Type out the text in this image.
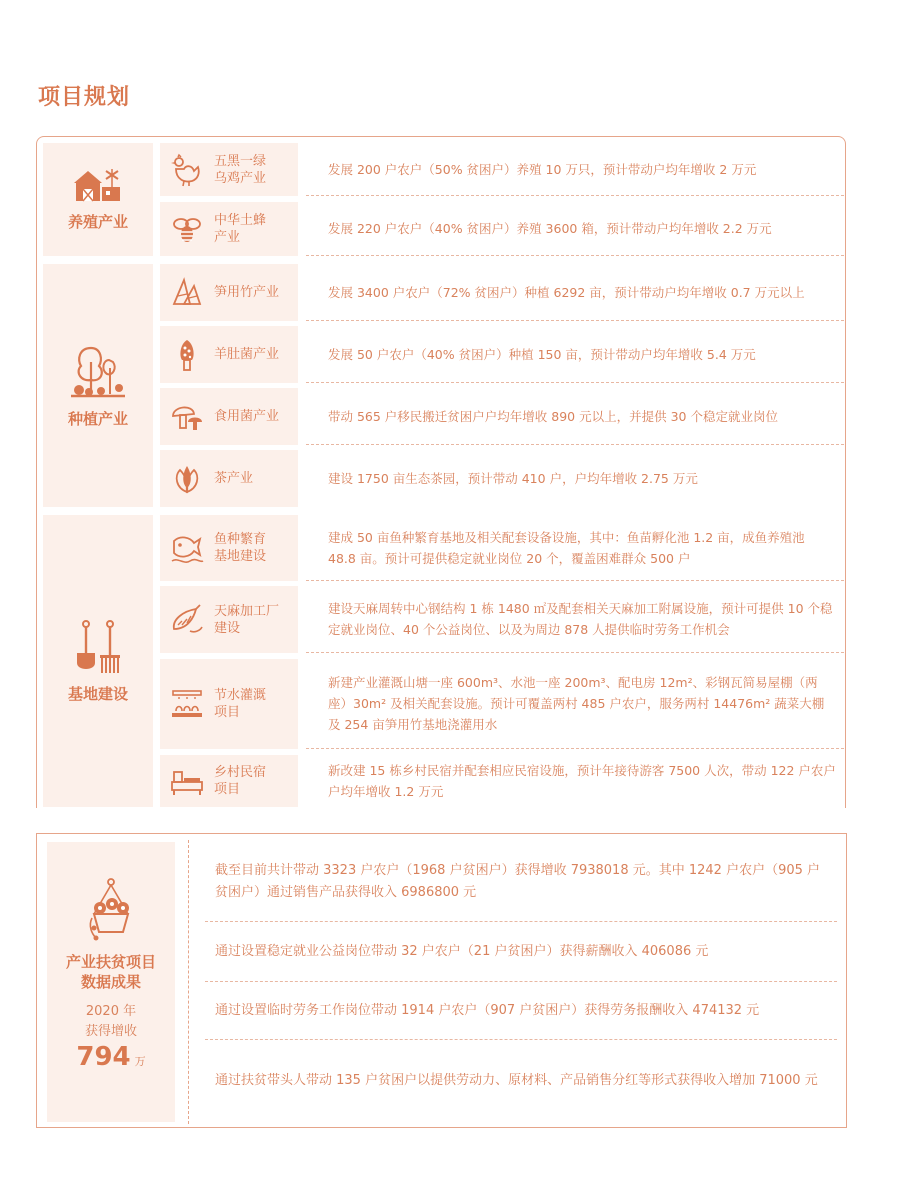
项目规划
养殖产业
种植产业
基地建设
五黑一绿
乌鸡产业
中华土蜂
产业
笋用竹产业
羊肚菌产业
食用菌产业
茶产业
鱼种繁育
基地建设
天麻加工厂
建设
节水灌溉
项目
乡村民宿
项目
发展 200 户农户（50% 贫困户）养殖 10 万只，预计带动户均年增收 2 万元
发展 220 户农户（40% 贫困户）养殖 3600 箱，预计带动户均年增收 2.2 万元
发展 3400 户农户（72% 贫困户）种植 6292 亩，预计带动户均年增收 0.7 万元以上
发展 50 户农户（40% 贫困户）种植 150 亩，预计带动户均年增收 5.4 万元
带动 565 户移民搬迁贫困户户均年增收 890 元以上，并提供 30 个稳定就业岗位
建设 1750 亩生态茶园，预计带动 410 户，户均年增收 2.75 万元
建成 50 亩鱼种繁育基地及相关配套设备设施，其中：鱼苗孵化池 1.2 亩，成鱼养殖池 48.8 亩。预计可提供稳定就业岗位 20 个，覆盖困难群众 500 户
建设天麻周转中心钢结构 1 栋 1480 ㎡及配套相关天麻加工附属设施，预计可提供 10 个稳定就业岗位、40 个公益岗位、以及为周边 878 人提供临时劳务工作机会
新建产业灌溉山塘一座 600m³、水池一座 200m³、配电房 12m²、彩钢瓦简易屋棚（两座）30m² 及相关配套设施。预计可覆盖两村 485 户农户，服务两村 14476m² 蔬菜大棚及 254 亩笋用竹基地浇灌用水
新改建 15 栋乡村民宿并配套相应民宿设施，预计年接待游客 7500 人次，带动 122 户农户户均年增收 1.2 万元
产业扶贫项目
数据成果
2020 年
获得增收
794 万
截至目前共计带动 3323 户农户（1968 户贫困户）获得增收 7938018 元。其中 1242 户农户（905 户贫困户）通过销售产品获得收入 6986800 元
通过设置稳定就业公益岗位带动 32 户农户（21 户贫困户）获得薪酬收入 406086 元
通过设置临时劳务工作岗位带动 1914 户农户（907 户贫困户）获得劳务报酬收入 474132 元
通过扶贫带头人带动 135 户贫困户以提供劳动力、原材料、产品销售分红等形式获得收入增加 71000 元
